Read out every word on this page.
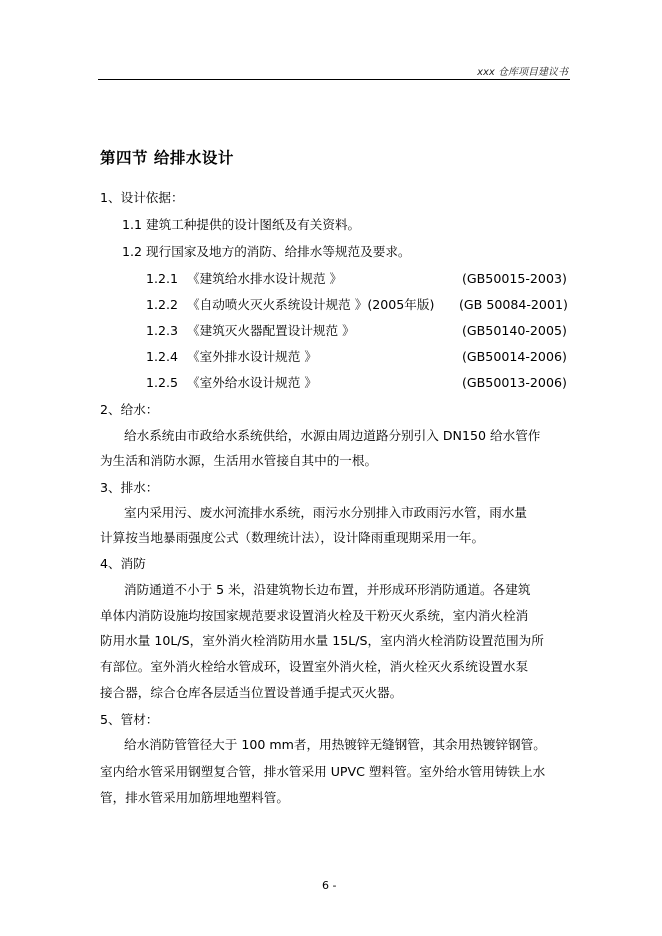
xxx 仓库项目建议书
第四节 给排水设计
1、设计依据：
1.1 建筑工种提供的设计图纸及有关资料。
1.2 现行国家及地方的消防、给排水等规范及要求。
1.2.1 《建筑给水排水设计规范 》	(GB50015-2003)
1.2.2 《自动喷火灭火系统设计规范 》(2005年版) (GB 50084-2001)
1.2.3 《建筑灭火器配置设计规范 》	(GB50140-2005)
1.2.4 《室外排水设计规范 》	(GB50014-2006)
1.2.5 《室外给水设计规范 》	(GB50013-2006)
2、给水：
给水系统由市政给水系统供给，水源由周边道路分别引入 DN150 给水管作
为生活和消防水源，生活用水管接自其中的一根。
3、排水：
室内采用污、废水河流排水系统，雨污水分别排入市政雨污水管，雨水量
计算按当地暴雨强度公式（数理统计法），设计降雨重现期采用一年。
4、消防
消防通道不小于 5 米，沿建筑物长边布置，并形成环形消防通道。各建筑
单体内消防设施均按国家规范要求设置消火栓及干粉灭火系统，室内消火栓消
防用水量 10L/S，室外消火栓消防用水量 15L/S，室内消火栓消防设置范围为所
有部位。室外消火栓给水管成环，设置室外消火栓，消火栓灭火系统设置水泵
接合器，综合仓库各层适当位置设普通手提式灭火器。
5、管材：
给水消防管管径大于 100 mm者，用热镀锌无缝钢管，其余用热镀锌钢管。
室内给水管采用钢塑复合管，排水管采用 UPVC 塑料管。室外给水管用铸铁上水
管，排水管采用加筋埋地塑料管。
6 -
